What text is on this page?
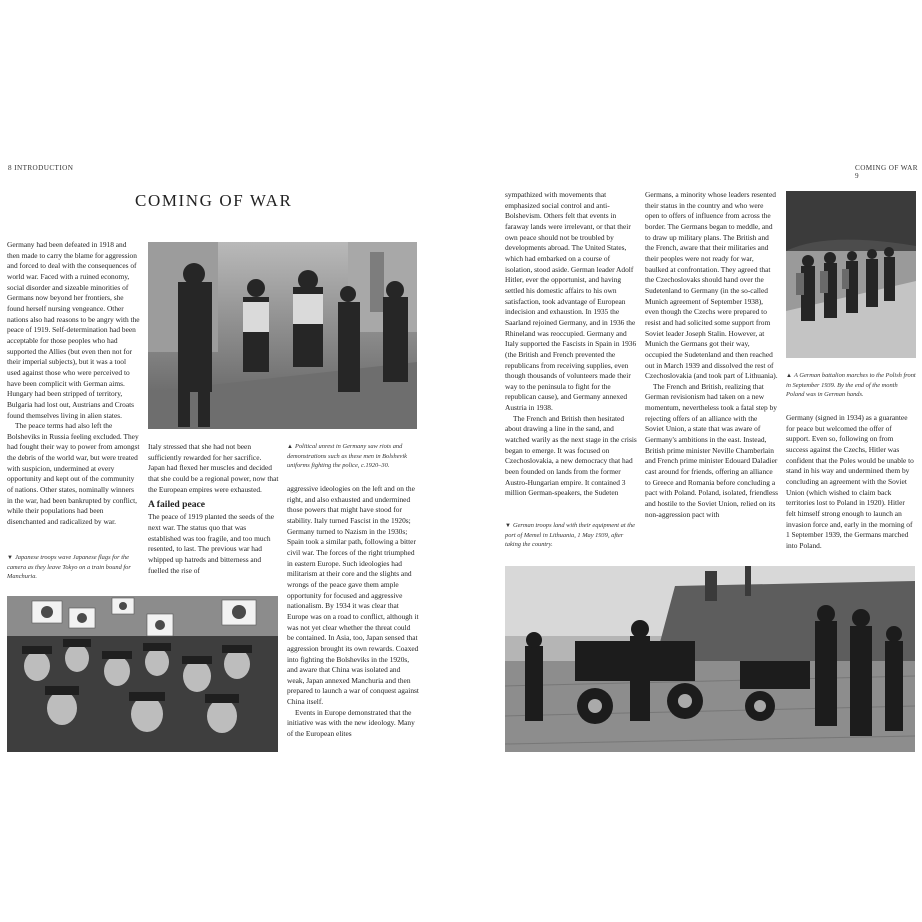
8 INTRODUCTION	COMING OF WAR 9
COMING OF WAR

Germany had been defeated in 1918 and then made to carry the blame for aggression and forced to deal with the consequences of world war. Faced with a ruined economy, social disorder and sizeable minorities of Germans now beyond her frontiers, she found herself nursing vengeance. Other nations also had reasons to be angry with the peace of 1919. Self-determination had been acceptable for those peoples who had supported the Allies (but even then not for their imperial subjects), but it was a tool used against those who were perceived to have been complicit with German aims. Hungary had been stripped of territory, Bulgaria had lost out, Austrians and Croats found themselves living in alien states.

The peace terms had also left the Bolsheviks in Russia feeling excluded. They had fought their way to power from amongst the debris of the world war, but were treated with suspicion, undermined at every opportunity and kept out of the community of nations. Other states, nominally winners in the war, had been bankrupted by conflict, while their populations had been disenchanted and radicalized by war.

▼ Japanese troops wave Japanese flags for the camera as they leave Tokyo on a train bound for Manchuria.
▲ Political unrest in Germany saw riots and demonstrations such as these men in Bolshevik uniforms fighting the police, c.1920–30.

Italy stressed that she had not been sufficiently rewarded for her sacrifice. Japan had flexed her muscles and decided that she could be a regional power, now that the European empires were exhausted.

A failed peace

The peace of 1919 planted the seeds of the next war. The status quo that was established was too fragile, and too much resented, to last. The previous war had whipped up hatreds and bitterness and fuelled the rise of

aggressive ideologies on the left and on the right, and also exhausted and undermined those powers that might have stood for stability. Italy turned Fascist in the 1920s; Germany turned to Nazism in the 1930s; Spain took a similar path, following a bitter civil war. The forces of the right triumphed in eastern Europe. Such ideologies had militarism at their core and the slights and wrongs of the peace gave them ample opportunity for focused and aggressive nationalism. By 1934 it was clear that Europe was on a road to conflict, although it was not yet clear whether the threat could be contained. In Asia, too, Japan sensed that aggression brought its own rewards. Coaxed into fighting the Bolsheviks in the 1920s, and aware that China was isolated and weak, Japan annexed Manchuria and then prepared to launch a war of conquest against China itself.

Events in Europe demonstrated that the initiative was with the new ideology. Many of the European elites

sympathized with movements that emphasized social control and anti-Bolshevism. Others felt that events in faraway lands were irrelevant, or that their own peace should not be troubled by developments abroad. The United States, which had embarked on a course of isolation, stood aside. German leader Adolf Hitler, ever the opportunist, and having settled his domestic affairs to his own satisfaction, took advantage of European indecision and exhaustion. In 1935 the Saarland rejoined Germany, and in 1936 the Rhineland was reoccupied. Germany and Italy supported the Fascists in Spain in 1936 (the British and French prevented the republicans from receiving supplies, even though thousands of volunteers made their way to the peninsula to fight for the republican cause), and Germany annexed Austria in 1938.

The French and British then hesitated about drawing a line in the sand, and watched warily as the next stage in the crisis began to emerge. It was focused on Czechoslovakia, a new democracy that had been founded on lands from the former Austro-Hungarian empire. It contained 3 million German-speakers, the Sudeten

▼ German troops land with their equipment at the port of Memel in Lithuania, 1 May 1939, after taking the country.

Germans, a minority whose leaders resented their status in the country and who were open to offers of influence from across the border. The Germans began to meddle, and to draw up military plans. The British and the French, aware that their militaries and their peoples were not ready for war, baulked at confrontation. They agreed that the Czechoslovaks should hand over the Sudetenland to Germany (in the so-called Munich agreement of September 1938), even though the Czechs were prepared to resist and had solicited some support from Soviet leader Joseph Stalin. However, at Munich the Germans got their way, occupied the Sudetenland and then reached out in March 1939 and dissolved the rest of Czechoslovakia (and took part of Lithuania).

The French and British, realizing that German revisionism had taken on a new momentum, nevertheless took a fatal step by rejecting offers of an alliance with the Soviet Union, a state that was aware of Germany's ambitions in the east. Instead, British prime minister Neville Chamberlain and French prime minister Edouard Daladier cast around for friends, offering an alliance to Greece and Romania before concluding a pact with Poland. Poland, isolated, friendless and hostile to the Soviet Union, relied on its non-aggression pact with

▲ A German battalion marches to the Polish front in September 1939. By the end of the month Poland was in German hands.

Germany (signed in 1934) as a guarantee for peace but welcomed the offer of support. Even so, following on from success against the Czechs, Hitler was confident that the Poles would be unable to stand in his way and undermined them by concluding an agreement with the Soviet Union (which wished to claim back territories lost to Poland in 1920). Hitler felt himself strong enough to launch an invasion force and, early in the morning of 1 September 1939, the Germans marched into Poland.
